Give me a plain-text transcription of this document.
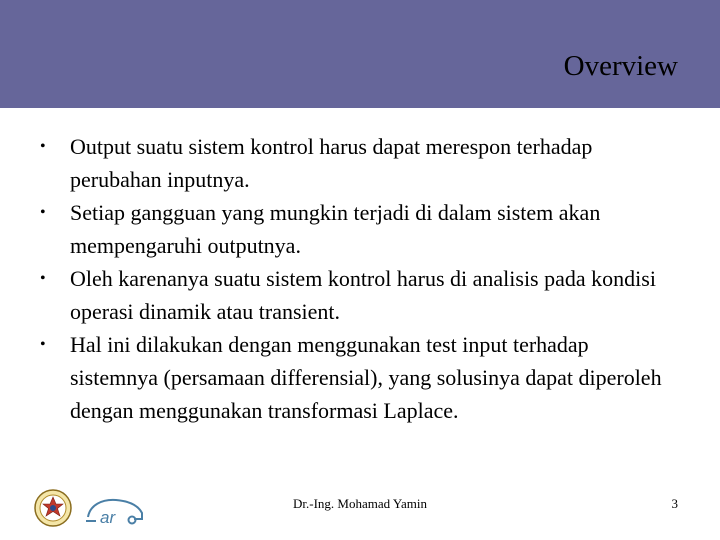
Overview
•	Output suatu sistem kontrol harus dapat merespon terhadap perubahan inputnya.
•	Setiap gangguan yang mungkin terjadi di dalam sistem akan mempengaruhi outputnya.
•	Oleh karenanya suatu sistem kontrol harus di analisis pada kondisi operasi dinamik atau transient.
•	Hal ini dilakukan dengan menggunakan test input terhadap sistemnya (persamaan differensial), yang solusinya dapat diperoleh dengan menggunakan transformasi Laplace.
ar
Dr.-Ing. Mohamad Yamin	3
